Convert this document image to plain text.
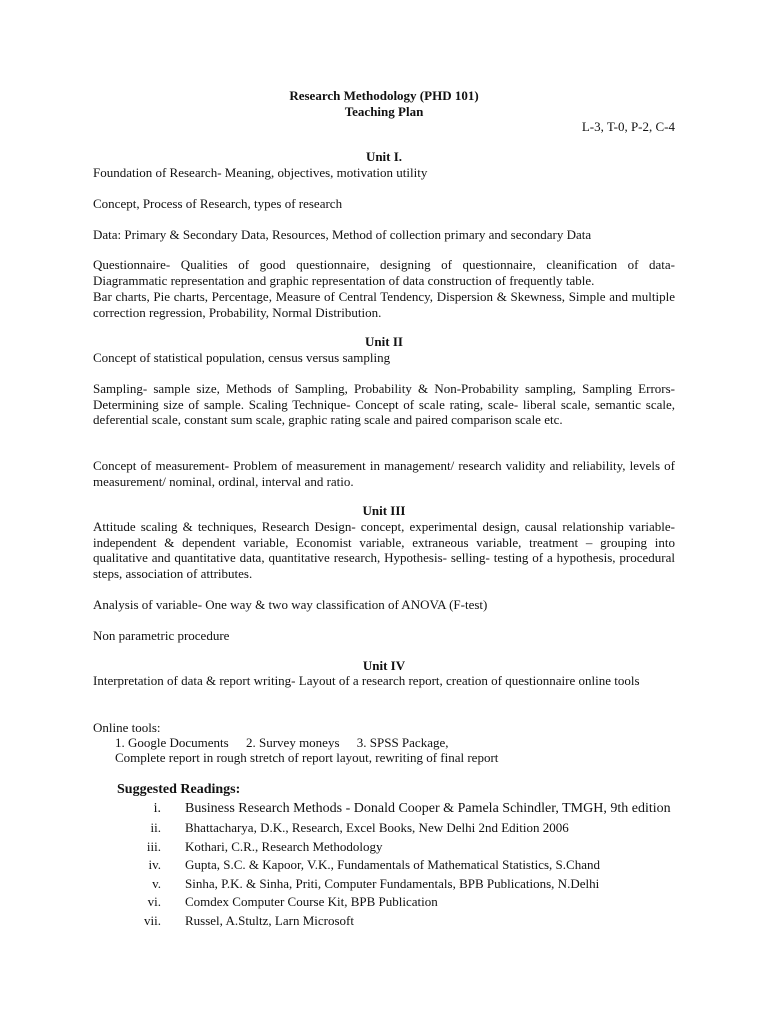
Research Methodology (PHD 101)
Teaching Plan
L-3, T-0, P-2, C-4
Unit I.
Foundation of Research- Meaning, objectives, motivation utility
Concept, Process of Research, types of research
Data: Primary & Secondary Data, Resources, Method of collection primary and secondary Data
Questionnaire- Qualities of good questionnaire, designing of questionnaire, cleanification of data- Diagrammatic representation and graphic representation of data construction of frequently table.
Bar charts, Pie charts, Percentage, Measure of Central Tendency, Dispersion & Skewness, Simple and multiple correction regression, Probability, Normal Distribution.
Unit II
Concept of statistical population, census versus sampling
Sampling- sample size, Methods of Sampling, Probability & Non-Probability sampling, Sampling Errors- Determining size of sample. Scaling Technique- Concept of scale rating, scale- liberal scale, semantic scale, deferential scale, constant sum scale, graphic rating scale and paired comparison scale etc.
Concept of measurement- Problem of measurement in management/ research validity and reliability, levels of measurement/ nominal, ordinal, interval and ratio.
Unit III
Attitude scaling & techniques, Research Design- concept, experimental design, causal relationship variable- independent & dependent variable, Economist variable, extraneous variable, treatment – grouping into qualitative and quantitative data, quantitative research, Hypothesis- selling- testing of a hypothesis, procedural steps, association of attributes.
Analysis of variable- One way & two way classification of ANOVA (F-test)
Non parametric procedure
Unit IV
Interpretation of data & report writing- Layout of a research report, creation of questionnaire online tools
Online tools:
1. Google Documents 2. Survey moneys 3. SPSS Package,
Complete report in rough stretch of report layout, rewriting of final report
Suggested Readings:
i. Business Research Methods - Donald Cooper & Pamela Schindler, TMGH, 9th edition
ii. Bhattacharya, D.K., Research, Excel Books, New Delhi 2nd Edition 2006
iii. Kothari, C.R., Research Methodology
iv. Gupta, S.C. & Kapoor, V.K., Fundamentals of Mathematical Statistics, S.Chand
v. Sinha, P.K. & Sinha, Priti, Computer Fundamentals, BPB Publications, N.Delhi
vi. Comdex Computer Course Kit, BPB Publication
vii. Russel, A.Stultz, Larn Microsoft
